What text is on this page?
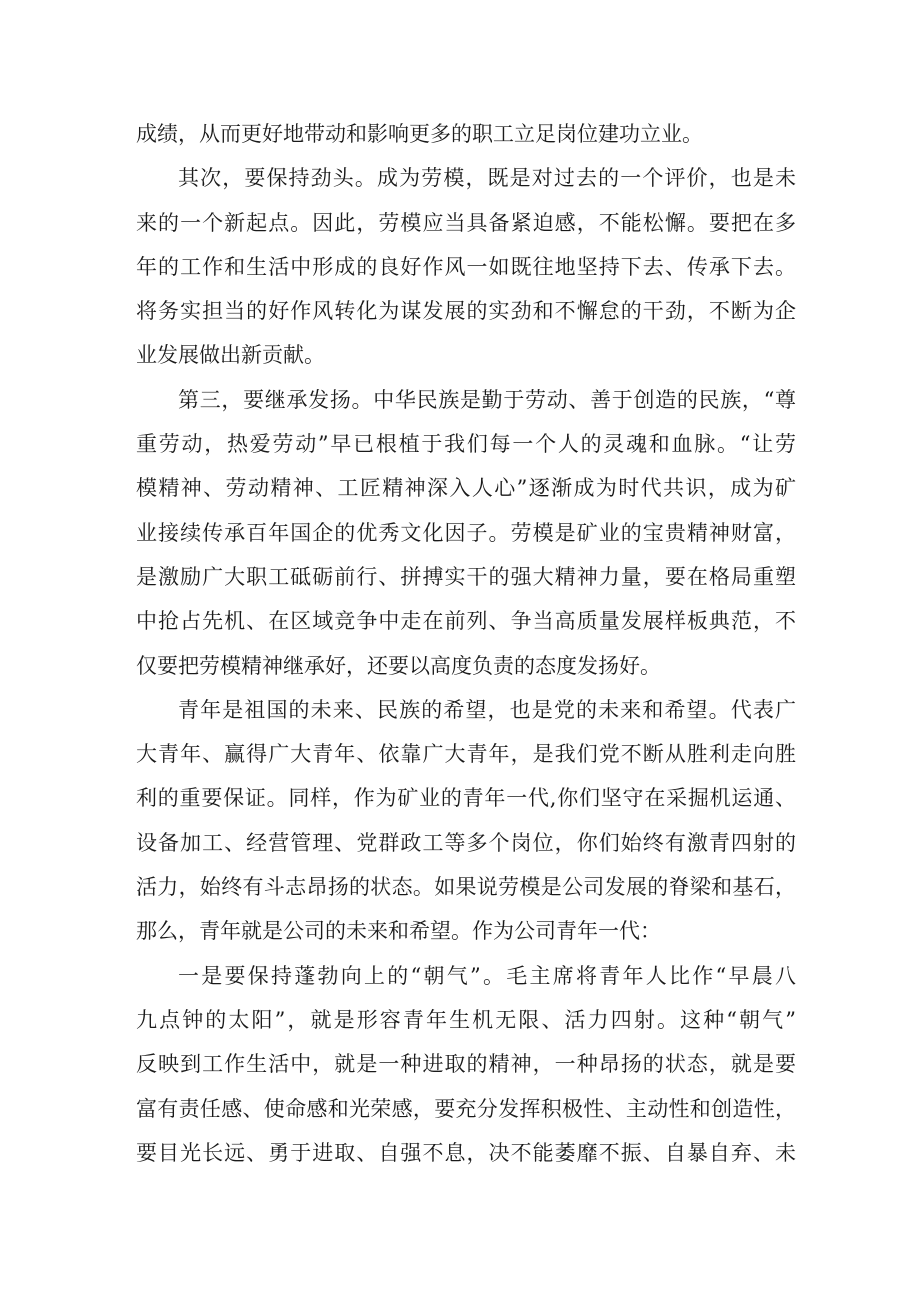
成绩，从而更好地带动和影响更多的职工立足岗位建功立业。
其次，要保持劲头。成为劳模，既是对过去的一个评价，也是未
来的一个新起点。因此，劳模应当具备紧迫感，不能松懈。要把在多
年的工作和生活中形成的良好作风一如既往地坚持下去、传承下去。
将务实担当的好作风转化为谋发展的实劲和不懈怠的干劲，不断为企
业发展做出新贡献。
第三，要继承发扬。中华民族是勤于劳动、善于创造的民族，“尊
重劳动，热爱劳动”早已根植于我们每一个人的灵魂和血脉。“让劳
模精神、劳动精神、工匠精神深入人心”逐渐成为时代共识，成为矿
业接续传承百年国企的优秀文化因子。劳模是矿业的宝贵精神财富，
是激励广大职工砥砺前行、拼搏实干的强大精神力量，要在格局重塑
中抢占先机、在区域竞争中走在前列、争当高质量发展样板典范，不
仅要把劳模精神继承好，还要以高度负责的态度发扬好。
青年是祖国的未来、民族的希望，也是党的未来和希望。代表广
大青年、赢得广大青年、依靠广大青年，是我们党不断从胜利走向胜
利的重要保证。同样，作为矿业的青年一代,你们坚守在采掘机运通、
设备加工、经营管理、党群政工等多个岗位，你们始终有激青四射的
活力，始终有斗志昂扬的状态。如果说劳模是公司发展的脊梁和基石，
那么，青年就是公司的未来和希望。作为公司青年一代：
一是要保持蓬勃向上的“朝气”。毛主席将青年人比作“早晨八
九点钟的太阳”，就是形容青年生机无限、活力四射。这种“朝气”
反映到工作生活中，就是一种进取的精神，一种昂扬的状态，就是要
富有责任感、使命感和光荣感，要充分发挥积极性、主动性和创造性，
要目光长远、勇于进取、自强不息，决不能萎靡不振、自暴自弃、未
